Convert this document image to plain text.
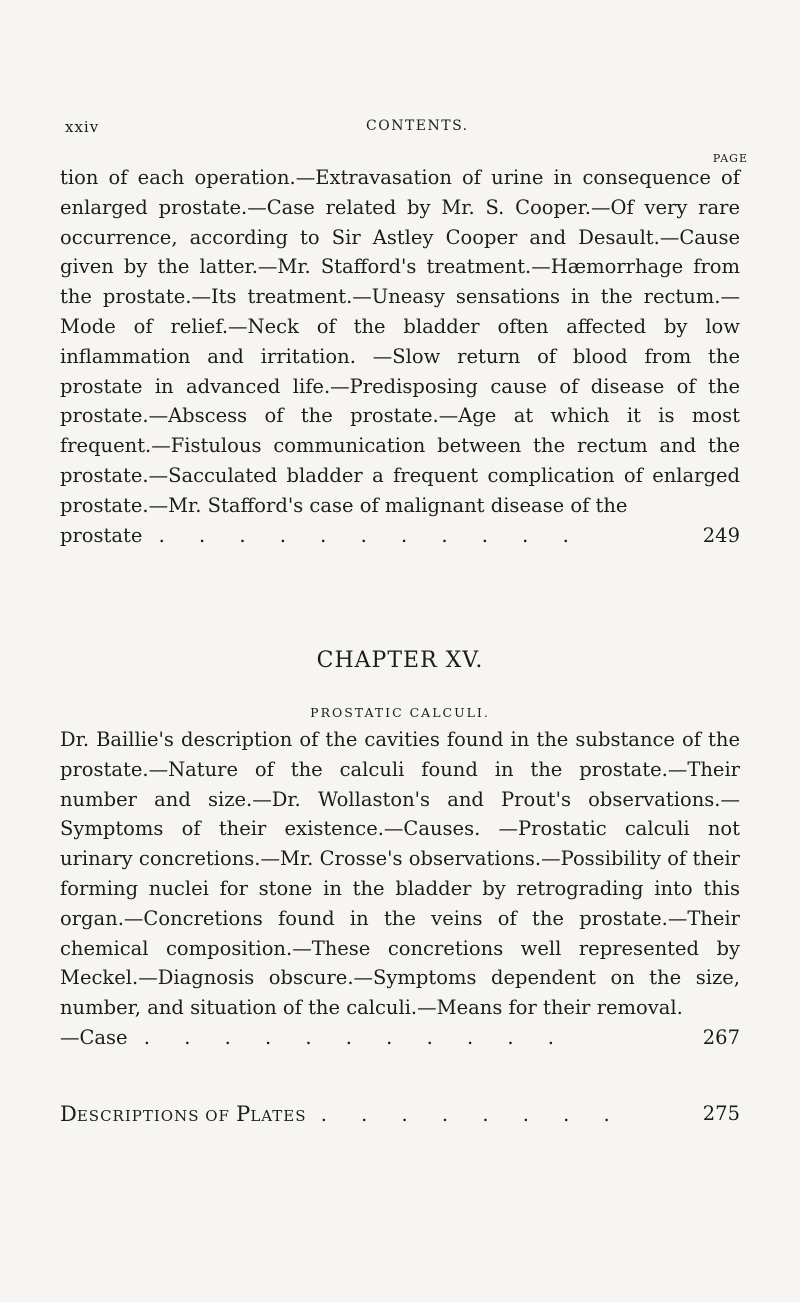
xxiv	CONTENTS.
PAGE
tion of each operation.—Extravasation of urine in consequence of enlarged prostate.—Case related by Mr. S. Cooper.—Of very rare occurrence, according to Sir Astley Cooper and Desault.—Cause given by the latter.—Mr. Stafford's treatment.—Hæmorrhage from the prostate.—Its treatment.—Uneasy sensations in the rectum.—Mode of relief.—Neck of the bladder often affected by low inflammation and irritation. —Slow return of blood from the prostate in advanced life.—Predisposing cause of disease of the prostate.—Abscess of the prostate.—Age at which it is most frequent.—Fistulous communication between the rectum and the prostate.—Sacculated bladder a frequent complication of enlarged prostate.—Mr. Stafford's case of malignant disease of the
prostate . . . . . . . . . . .	249
CHAPTER XV.
PROSTATIC CALCULI.
Dr. Baillie's description of the cavities found in the substance of the prostate.—Nature of the calculi found in the prostate.—Their number and size.—Dr. Wollaston's and Prout's observations.—Symptoms of their existence.—Causes. —Prostatic calculi not urinary concretions.—Mr. Crosse's observations.—Possibility of their forming nuclei for stone in the bladder by retrograding into this organ.—Concretions found in the veins of the prostate.—Their chemical composition.—These concretions well represented by Meckel.—Diagnosis obscure.—Symptoms dependent on the size, number, and situation of the calculi.—Means for their removal.
—Case . . . . . . . . . . .	267
DESCRIPTIONS OF PLATES . . . . . . . .	275
